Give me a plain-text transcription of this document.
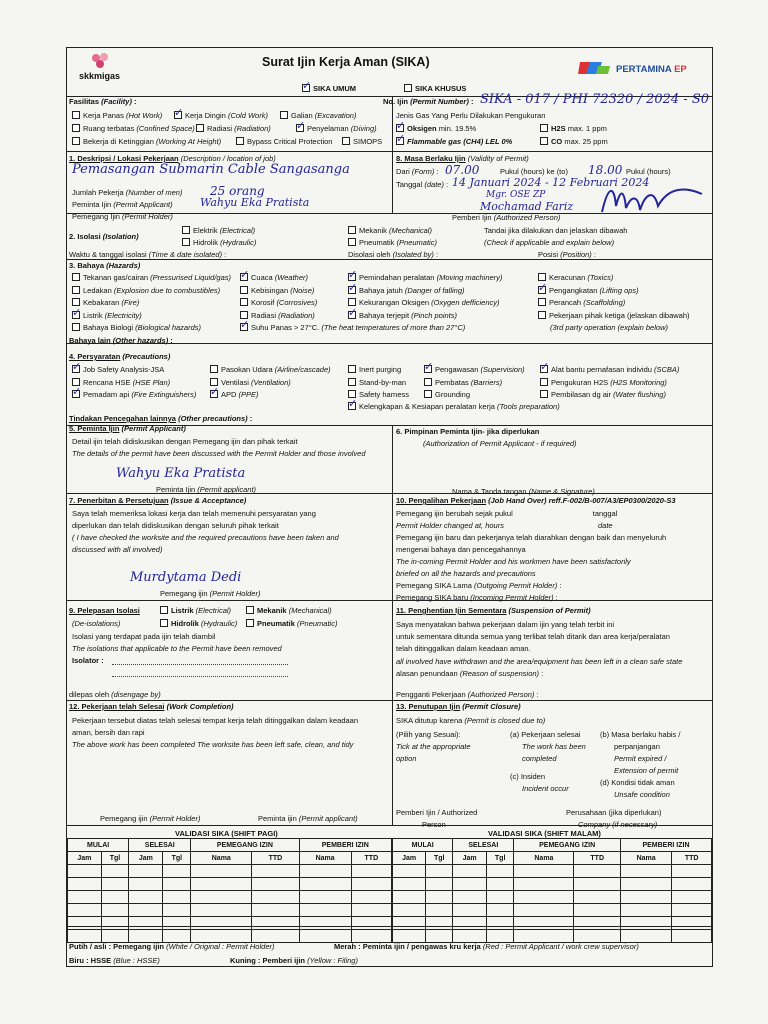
skkmigas
Surat Ijin Kerja Aman (SIKA)
PERTAMINA EP
✓SIKA UMUM	SIKA KHUSUS
Fasilitas (Facility) :	No. Ijin (Permit Number) : SIKA - 017 / PHI 72320 / 2024 - S0
Kerja Panas (Hot Work) ✓	Kerja Dingin (Cold Work)	Galian (Excavation)
Ruang terbatas (Confined Space)	Radiasi (Radiation) ✓	Penyelaman (Diving)
Bekerja di Ketinggian (Working At Height)	Bypass Critical Protection	SIMOPS
Jenis Gas Yang Perlu Dilakukan Pengukuran
✓Oksigen min. 19.5%	H2S max. 1 ppm
✓Flammable gas (CH4) LEL 0%	CO max. 25 ppm
1. Deskripsi / Lokasi Pekerjaan (Description / location of job)
Pemasangan Submarin Cable Sangasanga
Jumlah Pekerja (Number of men) 25 orang
Peminta Ijin (Permit Applicant) Wahyu Eka Pratista
Pemegang Ijin (Permit Holder)
8. Masa Berlaku Ijin (Validity of Permit)
Dari (Form) : 07.00	Pukul (hours) ke (to) 18.00 Pukul (hours)
Tanggal (date) : 14 Januari 2024 - 12 Februari 2024
Mgr. OSE ZP
Mochamad Fariz
Pemberi Ijin (Authorized Person)
Elektrik (Electrical)
2. Isolasi (Isolation)
Hidrolik (Hydraulic)
Mekanik (Mechanical)
Pneumatik (Pneumatic)
Tandai jika dilakukan dan jelaskan dibawah
(Check if applicable and explain below)
Waktu & tanggal isolasi (Time & date isolated) :	Disolasi oleh (Isolated by) :	Posisi (Position) :
3. Bahaya (Hazards)
Tekanan gas/cairan (Pressurised Liquid/gas)
Ledakan (Explosion due to combustibles)
Kebakaran (Fire)
✓Listrik (Electricity)
Bahaya Biologi (Biological hazards)
✓Cuaca (Weather)
Kebisingan (Noise)
Korosif (Corrosives)
Radiasi (Radiation)
✓Suhu Panas > 27°C. (The heat temperatures of more than 27°C)
✓Pemindahan peralatan (Moving machinery)
✓Bahaya jatuh (Danger of falling)
Kekurangan Oksigen (Oxygen defficiency)
✓Bahaya terjepit (Pinch points)
Keracunan (Toxics)
✓Pengangkatan (Lifting ops)
Perancah (Scaffolding)
Pekerjaan pihak ketiga (jelaskan dibawah)
(3rd party operation (explain below)
Bahaya lain (Other hazards) :
4. Persyaratan (Precautions)
✓Job Safety Analysis-JSA
Rencana HSE (HSE Plan)
✓Pemadam api (Fire Extinguishers)
Pasokan Udara (Airline/cascade)
Ventilasi (Ventilation)
✓APD (PPE)
Inert purging
Stand-by-man
Safety harness
✓Pengawasan (Supervision)
Pembatas (Barriers)
Grounding
✓Alat bantu pernafasan individu (SCBA)
Pengukuran H2S (H2S Monitoring)
Pembilasan dg air (Water flushing)
✓Kelengkapan & Kesiapan peralatan kerja (Tools preparation)
Tindakan Pencegahan lainnya (Other precautions) :
5. Peminta Ijin (Permit Applicant)
Detail ijin telah didiskusikan dengan Pemegang ijin dan pihak terkait
The details of the permit have been discussed with the Permit Holder and those involved
Wahyu Eka Pratista
Peminta Ijin (Permit applicant)
6. Pimpinan Peminta Ijin- jika diperlukan
(Authorization of Permit Applicant - if required)
Nama & Tanda tangan (Name & Signature)
7. Penerbitan & Persetujuan (Issue & Acceptance)
Saya telah memeriksa lokasi kerja dan telah memenuhi persyaratan yang
diperlukan dan telah didiskusikan dengan seluruh pihak terkait
( I have checked the worksite and the required precautions have been taken and
discussed with all involved)
Murdytama Dedi
Pemegang ijin (Permit Holder)
10. Pengalihan Pekerjaan (Job Hand Over) reff.F-002/B-007/A3/EP0300/2020-S3
Pemegang ijin berubah sejak pukul	tanggal
Permit Holder changed at, hours	date
Pemegang ijin baru dan pekerjanya telah diarahkan dengan baik dan menyeluruh
mengenai bahaya dan pencegahannya
The in-coming Permit Holder and his workmen have been satisfactorily
briefed on all the hazards and precautions
Pemegang SIKA Lama (Outgoing Permit Holder) :
Pemegang SIKA baru (Incoming Permit Holder) :
9. Pelepasan Isolasi	Listrik (Electrical)	Mekanik (Mechanical)
(De-isolations)	Hidrolik (Hydraulic)	Pneumatik (Pneumatic)
Isolasi yang terdapat pada ijin telah diambil
The isolations that applicable to the Permit have been removed
Isolator :
dilepas oleh (disengage by)
11. Penghentian Ijin Sementara (Suspension of Permit)
Saya menyatakan bahwa pekerjaan dalam ijin yang telah terbit ini
untuk sementara ditunda semua yang terlibat telah ditarik dan area kerja/peralatan
telah ditinggalkan dalam keadaan aman.
all involved have withdrawn and the area/equipment has been left in a clean safe state
alasan penundaan (Reason of suspension) :
Pengganti Pekerjaan (Authorized Person) :
12. Pekerjaan telah Selesai (Work Completion)
Pekerjaan tersebut diatas telah selesai tempat kerja telah ditinggalkan dalam keadaan
aman, bersih dan rapi
The above work has been completed The worksite has been left safe, clean, and tidy
Pemegang ijin (Permit Holder)	Peminta ijin (Permit applicant)
13. Penutupan Ijin (Permit Closure)
SIKA ditutup karena (Permit is closed due to)
(Pilih yang Sesuai):
Tick at the appropriate
option
(a) Pekerjaan selesai
The work has been
completed
(b) Masa berlaku habis /
perpanjangan
Permit expired /
Extension of permit
(c) Insiden
Incident occur
(d) Kondisi tidak aman
Unsafe condition
Pemberi Ijin / Authorized
Person
Perusahaan (jika diperlukan)
Company (if necessary)
VALIDASI SIKA (SHIFT PAGI)	VALIDASI SIKA (SHIFT MALAM)
MULAI		SELESAI		PEMEGANG IZIN		PEMBERI IZIN	
Jam	Tgl	Jam	Tgl	Nama	TTD	Nama	TTD

MULAI		SELESAI		PEMEGANG IZIN		PEMBERI IZIN	
Jam	Tgl	Jam	Tgl	Nama	TTD	Nama	TTD

Putih / asli : Pemegang ijin (White / Original : Permit Holder)	Merah : Peminta ijin / pengawas kru kerja (Red : Permit Applicant / work crew supervisor)
Biru : HSSE (Blue : HSSE)	Kuning : Pemberi ijin (Yellow : Filing)
